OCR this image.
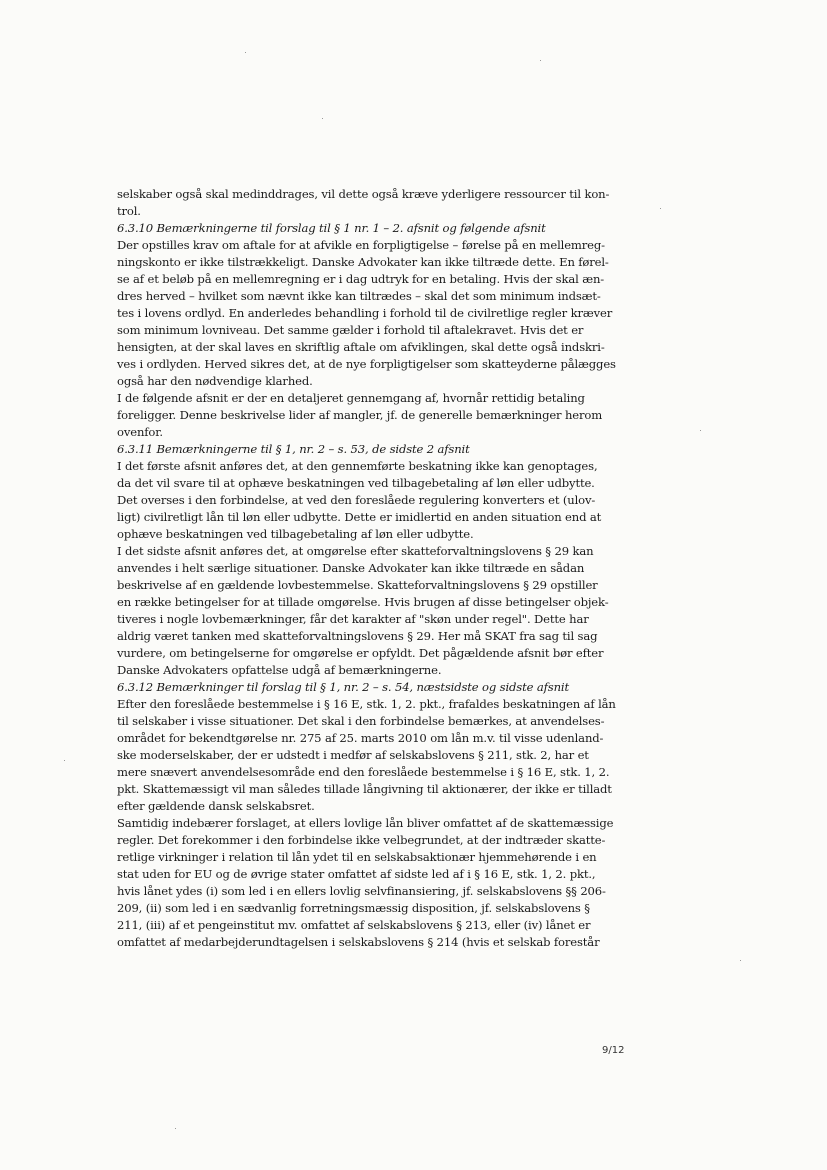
selskaber også skal medinddrages, vil dette også kræve yderligere ressourcer til kon-
trol.

6.3.10 Bemærkningerne til forslag til § 1 nr. 1 – 2. afsnit og følgende afsnit
Der opstilles krav om aftale for at afvikle en forpligtigelse – førelse på en mellemreg-
ningskonto er ikke tilstrækkeligt. Danske Advokater kan ikke tiltræde dette. En førel-
se af et beløb på en mellemregning er i dag udtryk for en betaling. Hvis der skal æn-
dres herved – hvilket som nævnt ikke kan tiltrædes – skal det som minimum indsæt-
tes i lovens ordlyd. En anderledes behandling i forhold til de civilretlige regler kræver
som minimum lovniveau. Det samme gælder i forhold til aftalekravet. Hvis det er
hensigten, at der skal laves en skriftlig aftale om afviklingen, skal dette også indskri-
ves i ordlyden. Herved sikres det, at de nye forpligtigelser som skatteyderne pålægges
også har den nødvendige klarhed.

I de følgende afsnit er der en detaljeret gennemgang af, hvornår rettidig betaling
foreligger. Denne beskrivelse lider af mangler, jf. de generelle bemærkninger herom
ovenfor.

6.3.11 Bemærkningerne til § 1, nr. 2 – s. 53, de sidste 2 afsnit
I det første afsnit anføres det, at den gennemførte beskatning ikke kan genoptages,
da det vil svare til at ophæve beskatningen ved tilbagebetaling af løn eller udbytte.
Det overses i den forbindelse, at ved den foreslåede regulering konverters et (ulov-
ligt) civilretligt lån til løn eller udbytte. Dette er imidlertid en anden situation end at
ophæve beskatningen ved tilbagebetaling af løn eller udbytte.

I det sidste afsnit anføres det, at omgørelse efter skatteforvaltningslovens § 29 kan
anvendes i helt særlige situationer. Danske Advokater kan ikke tiltræde en sådan
beskrivelse af en gældende lovbestemmelse. Skatteforvaltningslovens § 29 opstiller
en række betingelser for at tillade omgørelse. Hvis brugen af disse betingelser objek-
tiveres i nogle lovbemærkninger, får det karakter af "skøn under regel". Dette har
aldrig været tanken med skatteforvaltningslovens § 29. Her må SKAT fra sag til sag
vurdere, om betingelserne for omgørelse er opfyldt. Det pågældende afsnit bør efter
Danske Advokaters opfattelse udgå af bemærkningerne.

6.3.12 Bemærkninger til forslag til § 1, nr. 2 – s. 54, næstsidste og sidste afsnit
Efter den foreslåede bestemmelse i § 16 E, stk. 1, 2. pkt., frafaldes beskatningen af lån
til selskaber i visse situationer. Det skal i den forbindelse bemærkes, at anvendelses-
området for bekendtgørelse nr. 275 af 25. marts 2010 om lån m.v. til visse udenland-
ske moderselskaber, der er udstedt i medfør af selskabslovens § 211, stk. 2, har et
mere snævert anvendelsesområde end den foreslåede bestemmelse i § 16 E, stk. 1, 2.
pkt. Skattemæssigt vil man således tillade långivning til aktionærer, der ikke er tilladt
efter gældende dansk selskabsret.

Samtidig indebærer forslaget, at ellers lovlige lån bliver omfattet af de skattemæssige
regler. Det forekommer i den forbindelse ikke velbegrundet, at der indtræder skatte-
retlige virkninger i relation til lån ydet til en selskabsaktionær hjemmehørende i en
stat uden for EU og de øvrige stater omfattet af sidste led af i § 16 E, stk. 1, 2. pkt.,
hvis lånet ydes (i) som led i en ellers lovlig selvfinansiering, jf. selskabslovens §§ 206-
209, (ii) som led i en sædvanlig forretningsmæssig disposition, jf. selskabslovens §
211, (iii) af et pengeinstitut mv. omfattet af selskabslovens § 213, eller (iv) lånet er
omfattet af medarbejderundtagelsen i selskabslovens § 214 (hvis et selskab forestår

9/12
